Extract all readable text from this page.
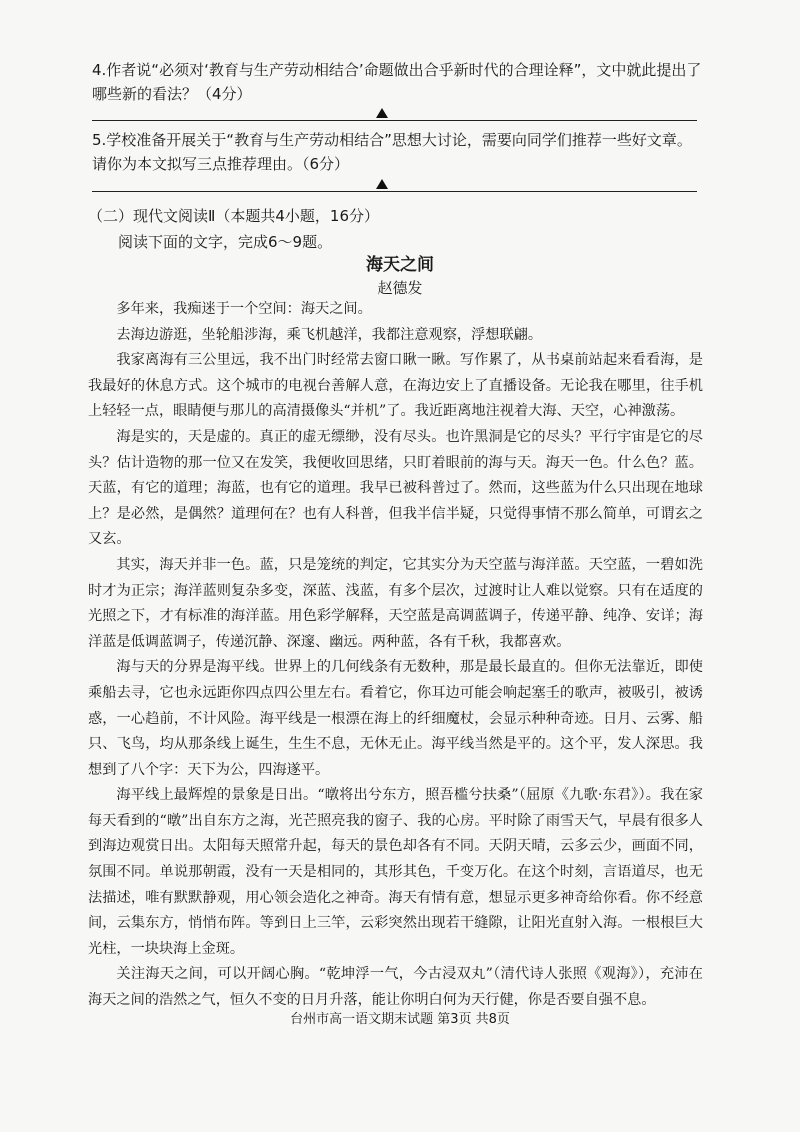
4.作者说“必须对‘教育与生产劳动相结合’命题做出合乎新时代的合理诠释”，文中就此提出了哪些新的看法？（4分）
5.学校准备开展关于“教育与生产劳动相结合”思想大讨论，需要向同学们推荐一些好文章。请你为本文拟写三点推荐理由。（6分）
（二）现代文阅读Ⅱ（本题共4小题，16分）
阅读下面的文字，完成6～9题。
海天之间
赵德发

多年来，我痴迷于一个空间：海天之间。

去海边游逛，坐轮船涉海，乘飞机越洋，我都注意观察，浮想联翩。

我家离海有三公里远，我不出门时经常去窗口瞅一瞅。写作累了，从书桌前站起来看看海，是我最好的休息方式。这个城市的电视台善解人意，在海边安上了直播设备。无论我在哪里，往手机上轻轻一点，眼睛便与那儿的高清摄像头“并机”了。我近距离地注视着大海、天空，心神激荡。

海是实的，天是虚的。真正的虚无缥缈，没有尽头。也许黑洞是它的尽头？平行宇宙是它的尽头？估计造物的那一位又在发笑，我便收回思绪，只盯着眼前的海与天。海天一色。什么色？蓝。天蓝，有它的道理；海蓝，也有它的道理。我早已被科普过了。然而，这些蓝为什么只出现在地球上？是必然，是偶然？道理何在？也有人科普，但我半信半疑，只觉得事情不那么简单，可谓玄之又玄。

其实，海天并非一色。蓝，只是笼统的判定，它其实分为天空蓝与海洋蓝。天空蓝，一碧如洗时才为正宗；海洋蓝则复杂多变，深蓝、浅蓝，有多个层次，过渡时让人难以觉察。只有在适度的光照之下，才有标准的海洋蓝。用色彩学解释，天空蓝是高调蓝调子，传递平静、纯净、安详；海洋蓝是低调蓝调子，传递沉静、深邃、幽远。两种蓝，各有千秋，我都喜欢。

海与天的分界是海平线。世界上的几何线条有无数种，那是最长最直的。但你无法靠近，即使乘船去寻，它也永远距你四点四公里左右。看着它，你耳边可能会响起塞壬的歌声，被吸引，被诱惑，一心趋前，不计风险。海平线是一根漂在海上的纤细魔杖，会显示种种奇迹。日月、云雾、船只、飞鸟，均从那条线上诞生，生生不息，无休无止。海平线当然是平的。这个平，发人深思。我想到了八个字：天下为公，四海遂平。

海平线上最辉煌的景象是日出。“暾将出兮东方，照吾槛兮扶桑”（屈原《九歌·东君》）。我在家每天看到的“暾”出自东方之海，光芒照亮我的窗子、我的心房。平时除了雨雪天气，早晨有很多人到海边观赏日出。太阳每天照常升起，每天的景色却各有不同。天阴天晴，云多云少，画面不同，氛围不同。单说那朝霞，没有一天是相同的，其形其色，千变万化。在这个时刻，言语道尽，也无法描述，唯有默默静观，用心领会造化之神奇。海天有情有意，想显示更多神奇给你看。你不经意间，云集东方，悄悄布阵。等到日上三竿，云彩突然出现若干缝隙，让阳光直射入海。一根根巨大光柱，一块块海上金斑。

关注海天之间，可以开阔心胸。“乾坤浮一气，今古浸双丸”（清代诗人张照《观海》），充沛在海天之间的浩然之气，恒久不变的日月升落，能让你明白何为天行健，你是否要自强不息。

台州市高一语文期末试题 第3页 共8页
